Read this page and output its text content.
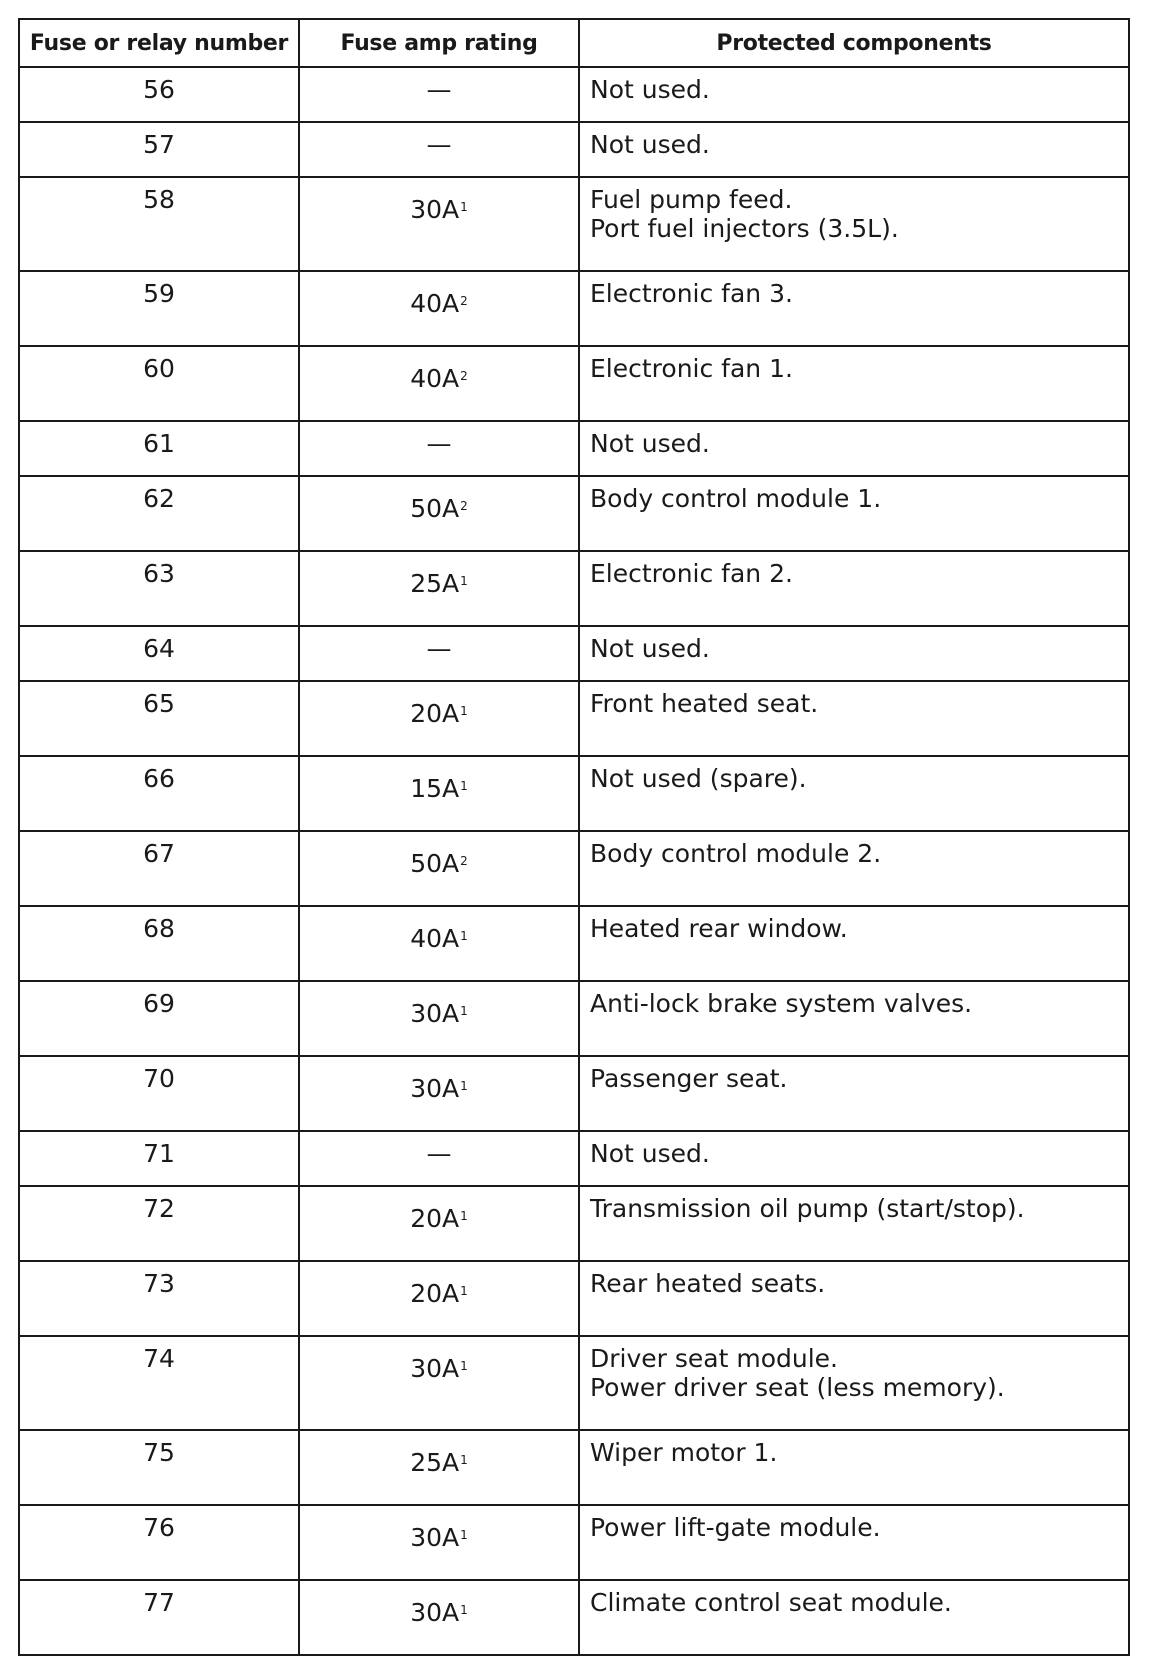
Fuse or relay number	Fuse amp rating	Protected components
56	—	Not used.

57	—	Not used.

58	$30A^1$	Fuel pump feed.
Port fuel injectors (3.5L).

59	$40A^2$	Electronic fan 3.

60	$40A^2$	Electronic fan 1.

61	—	Not used.

62	$50A^2$	Body control module 1.

63	$25A^1$	Electronic fan 2.

64	—	Not used.

65	$20A^1$	Front heated seat.

66	$15A^1$	Not used (spare).

67	$50A^2$	Body control module 2.

68	$40A^1$	Heated rear window.

69	$30A^1$	Anti-lock brake system valves.

70	$30A^1$	Passenger seat.

71	—	Not used.

72	$20A^1$	Transmission oil pump (start/stop).

73	$20A^1$	Rear heated seats.

74	$30A^1$	Driver seat module.
Power driver seat (less memory).

75	$25A^1$	Wiper motor 1.

76	$30A^1$	Power lift-gate module.

77	$30A^1$	Climate control seat module.
